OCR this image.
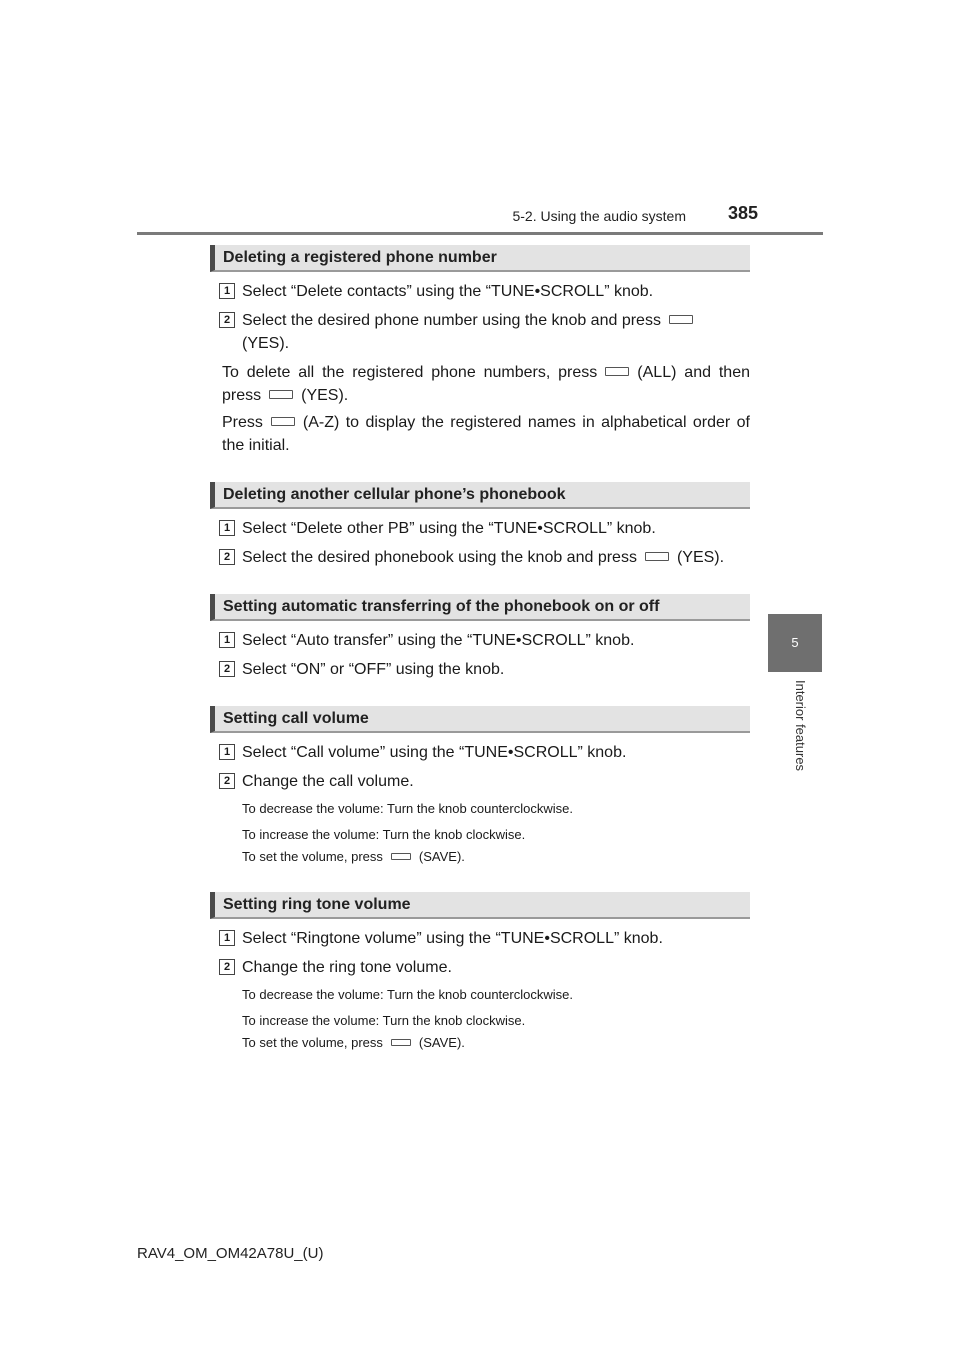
5-2. Using the audio system	385
5
Interior features
Deleting a registered phone number
1 Select “Delete contacts” using the “TUNE•SCROLL” knob.
2 Select the desired phone number using the knob and press
(YES).
To delete all the registered phone numbers, press	(ALL) and then press	(YES).
Press	(A-Z) to display the registered names in alphabetical order of the initial.
Deleting another cellular phone’s phonebook
1 Select “Delete other PB” using the “TUNE•SCROLL” knob.
2 Select the desired phonebook using the knob and press	(YES).
Setting automatic transferring of the phonebook on or off
1 Select “Auto transfer” using the “TUNE•SCROLL” knob.
2 Select “ON” or “OFF” using the knob.
Setting call volume
1 Select “Call volume” using the “TUNE•SCROLL” knob.
2 Change the call volume.
To decrease the volume: Turn the knob counterclockwise.
To increase the volume: Turn the knob clockwise.
To set the volume, press	(SAVE).
Setting ring tone volume
1 Select “Ringtone volume” using the “TUNE•SCROLL” knob.
2 Change the ring tone volume.
To decrease the volume: Turn the knob counterclockwise.
To increase the volume: Turn the knob clockwise.
To set the volume, press	(SAVE).
RAV4_OM_OM42A78U_(U)
